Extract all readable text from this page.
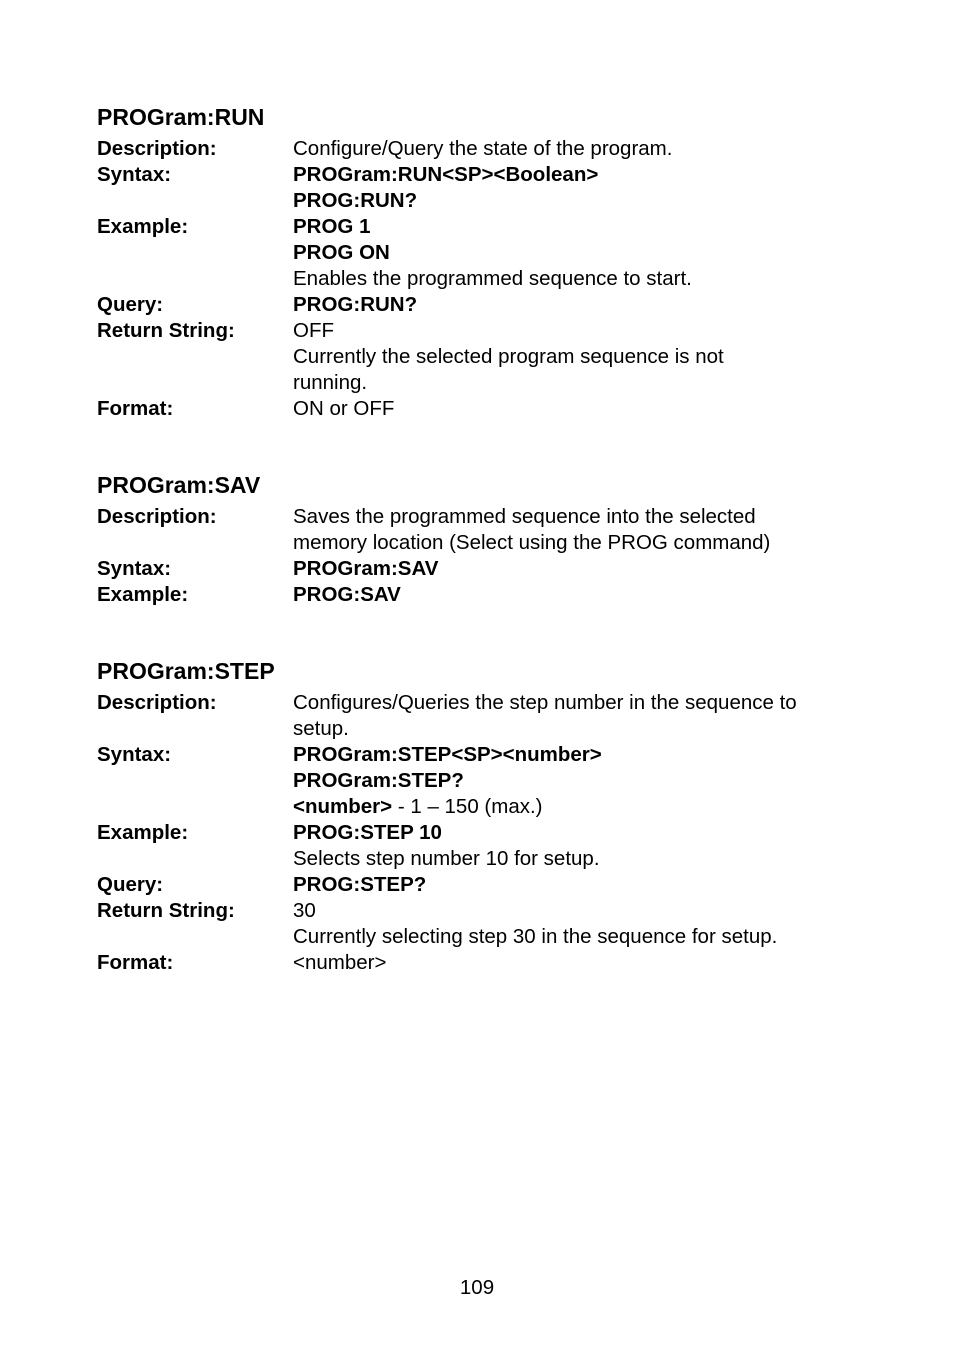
PROGram:RUN
Description:	Configure/Query the state of the program.
Syntax:	PROGram:RUN<SP><Boolean>
PROG:RUN?
Example:	PROG 1
PROG ON
Enables the programmed sequence to start.
Query:	PROG:RUN?
Return String:	OFF
Currently the selected program sequence is not
running.
Format:	ON or OFF
PROGram:SAV
Description:	Saves the programmed sequence into the selected
memory location (Select using the PROG command)
Syntax:	PROGram:SAV
Example:	PROG:SAV
PROGram:STEP
Description:	Configures/Queries the step number in the sequence to
setup.
Syntax:	PROGram:STEP<SP><number>
PROGram:STEP?
<number> - 1 – 150 (max.)
Example:	PROG:STEP 10
Selects step number 10 for setup.
Query:	PROG:STEP?
Return String:	30
Currently selecting step 30 in the sequence for setup.
Format:	<number>
109
